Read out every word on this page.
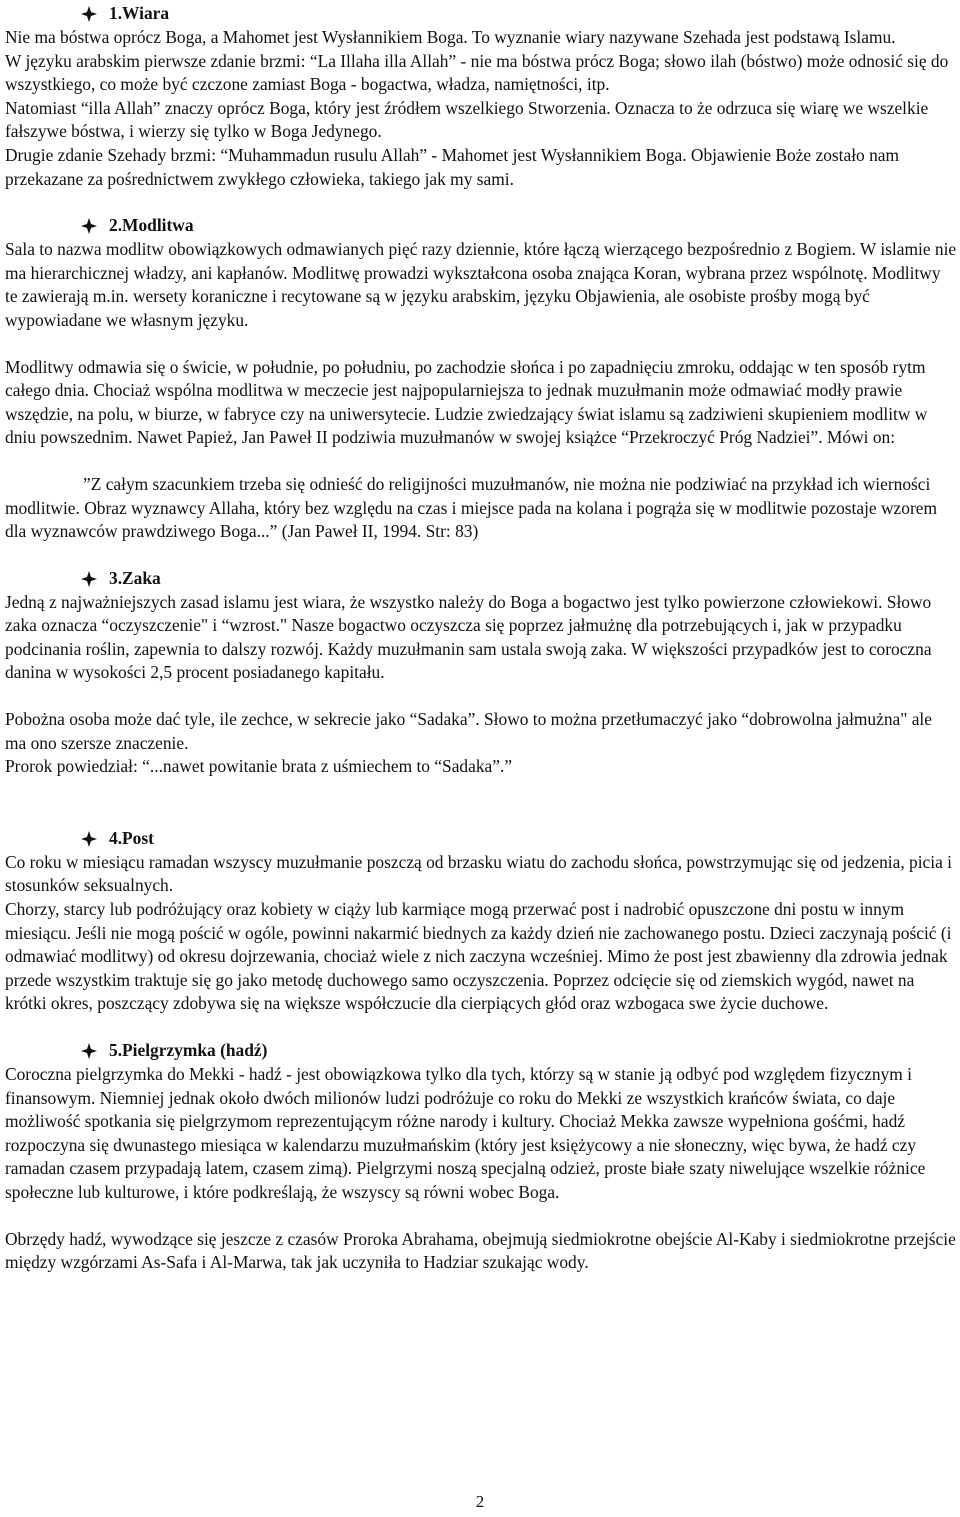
1.Wiara

Nie ma bóstwa oprócz Boga, a Mahomet jest Wysłannikiem Boga. To wyznanie wiary nazywane Szehada jest podstawą Islamu.

W języku arabskim pierwsze zdanie brzmi: “La Illaha illa Allah” - nie ma bóstwa prócz Boga; słowo ilah (bóstwo) może odnosić się do wszystkiego, co może być czczone zamiast Boga - bogactwa, władza, namiętności, itp.

Natomiast “illa Allah” znaczy oprócz Boga, który jest źródłem wszelkiego Stworzenia. Oznacza to że odrzuca się wiarę we wszelkie fałszywe bóstwa, i wierzy się tylko w Boga Jedynego.

Drugie zdanie Szehady brzmi: “Muhammadun rusulu Allah” - Mahomet jest Wysłannikiem Boga. Objawienie Boże zostało nam przekazane za pośrednictwem zwykłego człowieka, takiego jak my sami.

2.Modlitwa

Sala to nazwa modlitw obowiązkowych odmawianych pięć razy dziennie, które łączą wierzącego bezpośrednio z Bogiem. W islamie nie ma hierarchicznej władzy, ani kapłanów. Modlitwę prowadzi wykształcona osoba znająca Koran, wybrana przez wspólnotę. Modlitwy te zawierają m.in. wersety koraniczne i recytowane są w języku arabskim, języku Objawienia, ale osobiste prośby mogą być wypowiadane we własnym języku.

Modlitwy odmawia się o świcie, w południe, po południu, po zachodzie słońca i po zapadnięciu zmroku, oddając w ten sposób rytm całego dnia. Chociaż wspólna modlitwa w meczecie jest najpopularniejsza to jednak muzułmanin może odmawiać modły prawie wszędzie, na polu, w biurze, w fabryce czy na uniwersytecie. Ludzie zwiedzający świat islamu są zadziwieni skupieniem modlitw w dniu powszednim. Nawet Papież, Jan Paweł II podziwia muzułmanów w swojej książce “Przekroczyć Próg Nadziei”. Mówi on:

”Z całym szacunkiem trzeba się odnieść do religijności muzułmanów, nie można nie podziwiać na przykład ich wierności modlitwie. Obraz wyznawcy Allaha, który bez względu na czas i miejsce pada na kolana i pogrąża się w modlitwie pozostaje wzorem dla wyznawców prawdziwego Boga...” (Jan Paweł II, 1994. Str: 83)

3.Zaka

Jedną z najważniejszych zasad islamu jest wiara, że wszystko należy do Boga a bogactwo jest tylko powierzone człowiekowi. Słowo zaka oznacza “oczyszczenie" i “wzrost." Nasze bogactwo oczyszcza się poprzez jałmużnę dla potrzebujących i, jak w przypadku podcinania roślin, zapewnia to dalszy rozwój. Każdy muzułmanin sam ustala swoją zaka. W większości przypadków jest to coroczna danina w wysokości 2,5 procent posiadanego kapitału.

Pobożna osoba może dać tyle, ile zechce, w sekrecie jako “Sadaka”. Słowo to można przetłumaczyć jako “dobrowolna jałmużna" ale ma ono szersze znaczenie.

Prorok powiedział: “...nawet powitanie brata z uśmiechem to “Sadaka”.”

4.Post

Co roku w miesiącu ramadan wszyscy muzułmanie poszczą od brzasku wiatu do zachodu słońca, powstrzymując się od jedzenia, picia i stosunków seksualnych.

Chorzy, starcy lub podróżujący oraz kobiety w ciąży lub karmiące mogą przerwać post i nadrobić opuszczone dni postu w innym miesiącu. Jeśli nie mogą pościć w ogóle, powinni nakarmić biednych za każdy dzień nie zachowanego postu. Dzieci zaczynają pościć (i odmawiać modlitwy) od okresu dojrzewania, chociaż wiele z nich zaczyna wcześniej. Mimo że post jest zbawienny dla zdrowia jednak przede wszystkim traktuje się go jako metodę duchowego samo oczyszczenia. Poprzez odcięcie się od ziemskich wygód, nawet na krótki okres, poszczący zdobywa się na większe współczucie dla cierpiących głód oraz wzbogaca swe życie duchowe.

5.Pielgrzymka (hadź)

Coroczna pielgrzymka do Mekki - hadź - jest obowiązkowa tylko dla tych, którzy są w stanie ją odbyć pod względem fizycznym i finansowym. Niemniej jednak około dwóch milionów ludzi podróżuje co roku do Mekki ze wszystkich krańców świata, co daje możliwość spotkania się pielgrzymom reprezentującym różne narody i kultury. Chociaż Mekka zawsze wypełniona gośćmi, hadź rozpoczyna się dwunastego miesiąca w kalendarzu muzułmańskim (który jest księżycowy a nie słoneczny, więc bywa, że hadź czy ramadan czasem przypadają latem, czasem zimą). Pielgrzymi noszą specjalną odzież, proste białe szaty niwelujące wszelkie różnice społeczne lub kulturowe, i które podkreślają, że wszyscy są równi wobec Boga.

Obrzędy hadź, wywodzące się jeszcze z czasów Proroka Abrahama, obejmują siedmiokrotne obejście Al-Kaby i siedmiokrotne przejście między wzgórzami As-Safa i Al-Marwa, tak jak uczyniła to Hadziar szukając wody.

2
